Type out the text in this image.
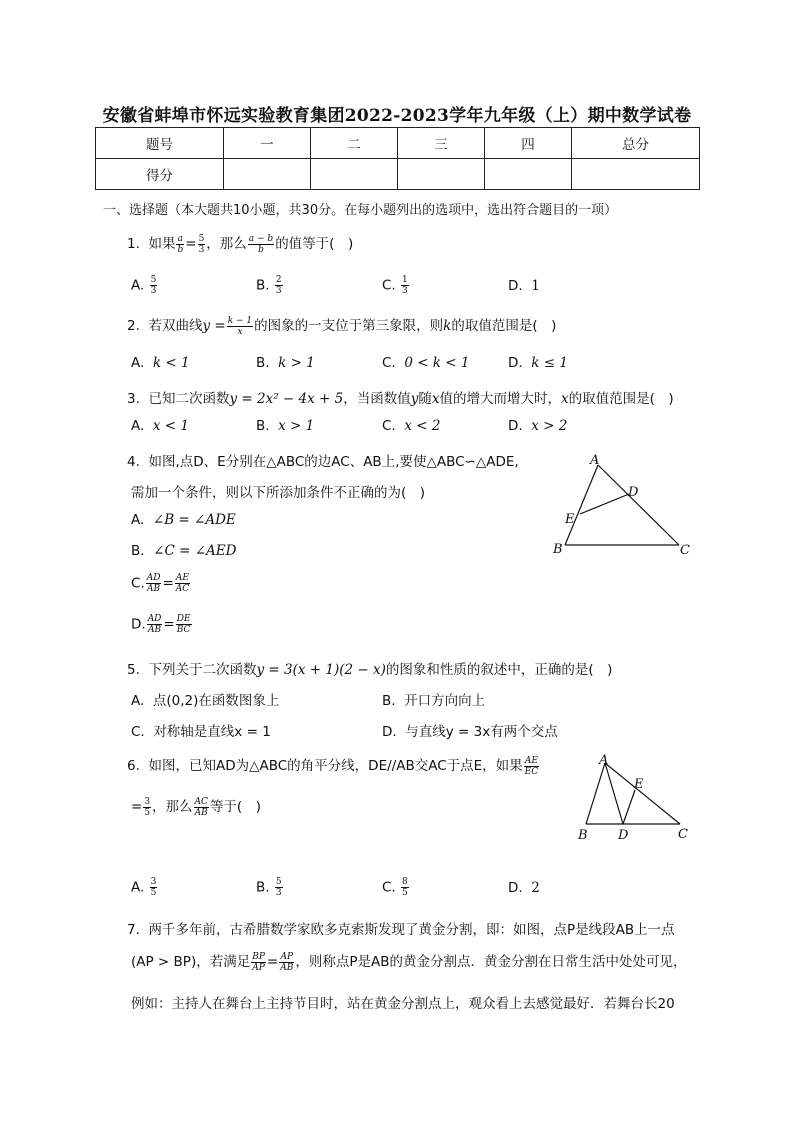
安徽省蚌埠市怀远实验教育集团2022-2023学年九年级（上）期中数学试卷
题号	一	二	三	四	总分
得分					
一、选择题（本大题共10小题，共30分。在每小题列出的选项中，选出符合题目的一项）
1. 如果 $\frac{a}{b} = \frac{5}{3}$ ，那么 $\frac{a - b}{b}$ 的值等于(　)
A. $\frac{5}{3}$	B. $\frac{2}{3}$	C. $\frac{1}{3}$	D. 1
2. 若双曲线$y = \frac{k - 1}{x}$ 的图象的一支位于第三象限，则k的取值范围是(　)
A. k < 1	B. k > 1	C. 0 < k < 1	D. k ≤ 1
3. 已知二次函数y = 2x² − 4x + 5，当函数值y随x值的增大而增大时，x的取值范围是(　)
A. x < 1	B. x > 1	C. x < 2	D. x > 2
4. 如图,点D、E分别在△ABC的边AC、AB上,要使△ABC∽△ADE,
需加一个条件，则以下所添加条件不正确的为(　)
A. ∠B = ∠ADE
B. ∠C = ∠AED
C. $\frac{AD}{AB} = \frac{AE}{AC}$
D. $\frac{AD}{AB} = \frac{DE}{BC}$
A
B	C
D
E
5. 下列关于二次函数y = 3(x + 1)(2 − x)的图象和性质的叙述中，正确的是(　)
A. 点(0,2)在函数图象上	B. 开口方向向上
C. 对称轴是直线x = 1	D. 与直线y = 3x有两个交点
6. 如图，已知AD为△ABC的角平分线，DE//AB交AC于点E，如果 $\frac{AE}{EC}$
= $\frac{3}{5}$ ，那么 $\frac{AC}{AB}$ 等于(　)
A
B	C
D
E
A. $\frac{3}{5}$	B. $\frac{5}{3}$	C. $\frac{8}{5}$	D. 2
7. 两千多年前，古希腊数学家欧多克索斯发现了黄金分割，即：如图，点P是线段AB上一点
(AP > BP)，若满足 $\frac{BP}{AP} = \frac{AP}{AB}$ ，则称点P是AB的黄金分割点．黄金分割在日常生活中处处可见，
例如：主持人在舞台上主持节目时，站在黄金分割点上，观众看上去感觉最好．若舞台长20
